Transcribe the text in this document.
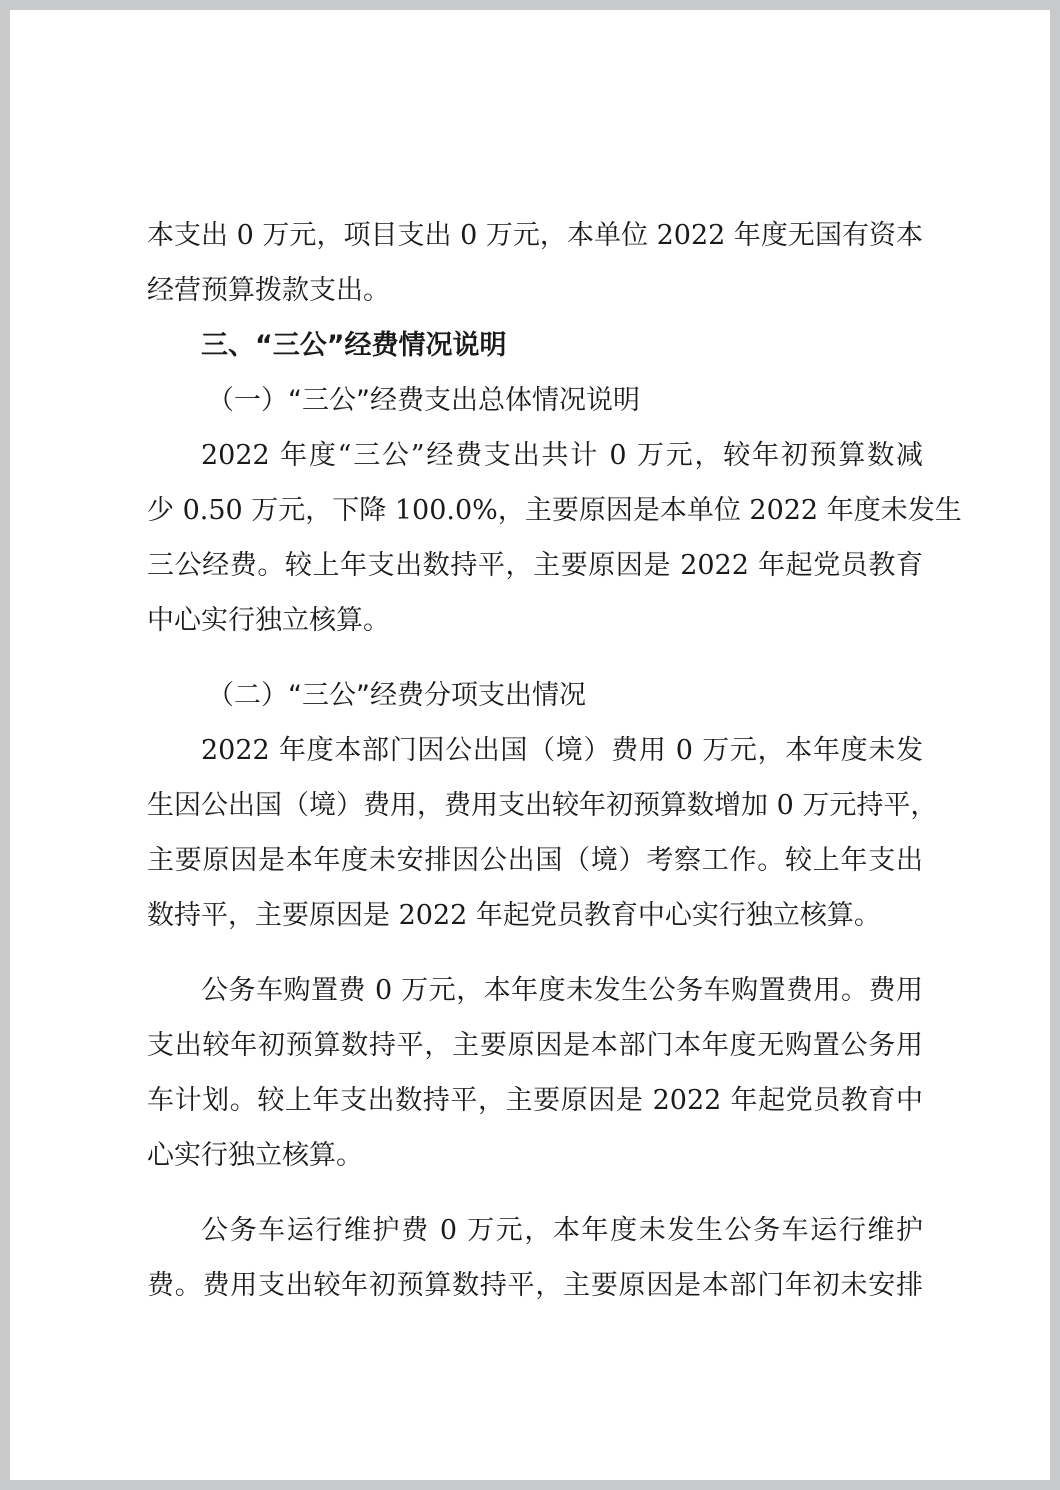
本支出 0 万元，项目支出 0 万元，本单位 2022 年度无国有资本
经营预算拨款支出。
三、“三公”经费情况说明
（一）“三公”经费支出总体情况说明
2022 年度“三公”经费支出共计 0 万元，较年初预算数减
少 0.50 万元，下降 100.0%，主要原因是本单位 2022 年度未发生
三公经费。较上年支出数持平，主要原因是 2022 年起党员教育
中心实行独立核算。
（二）“三公”经费分项支出情况
2022 年度本部门因公出国（境）费用 0 万元，本年度未发
生因公出国（境）费用，费用支出较年初预算数增加 0 万元持平，
主要原因是本年度未安排因公出国（境）考察工作。较上年支出
数持平，主要原因是 2022 年起党员教育中心实行独立核算。
公务车购置费 0 万元，本年度未发生公务车购置费用。费用
支出较年初预算数持平，主要原因是本部门本年度无购置公务用
车计划。较上年支出数持平，主要原因是 2022 年起党员教育中
心实行独立核算。
公务车运行维护费 0 万元，本年度未发生公务车运行维护
费。费用支出较年初预算数持平，主要原因是本部门年初未安排
